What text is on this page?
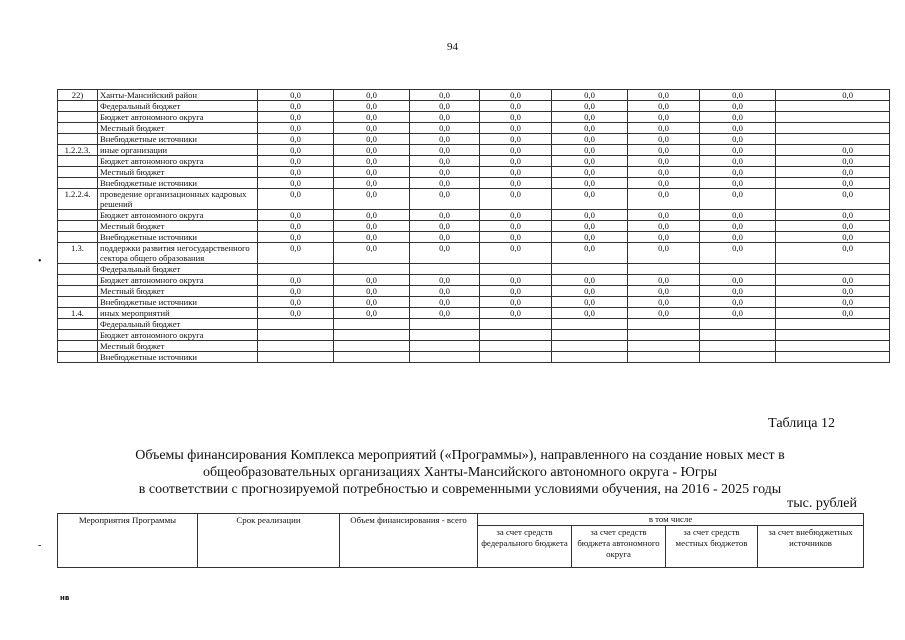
94
22)	Ханты-Мансийский район	0,0	0,0	0,0	0,0	0,0	0,0	0,0	0,0
	Федеральный бюджет	0,0	0,0	0,0	0,0	0,0	0,0	0,0	
	Бюджет автономного округа	0,0	0,0	0,0	0,0	0,0	0,0	0,0	
	Местный бюджет	0,0	0,0	0,0	0,0	0,0	0,0	0,0	
	Внебюджетные источники	0,0	0,0	0,0	0,0	0,0	0,0	0,0	
1.2.2.3.	иные организации	0,0	0,0	0,0	0,0	0,0	0,0	0,0	0,0
	Бюджет автономного округа	0,0	0,0	0,0	0,0	0,0	0,0	0,0	0,0
	Местный бюджет	0,0	0,0	0,0	0,0	0,0	0,0	0,0	0,0
	Внебюджетные источники	0,0	0,0	0,0	0,0	0,0	0,0	0,0	0,0
1.2.2.4.	проведение организационных кадровых решений	0,0	0,0	0,0	0,0	0,0	0,0	0,0	0,0
	Бюджет автономного округа	0,0	0,0	0,0	0,0	0,0	0,0	0,0	0,0
	Местный бюджет	0,0	0,0	0,0	0,0	0,0	0,0	0,0	0,0
	Внебюджетные источники	0,0	0,0	0,0	0,0	0,0	0,0	0,0	0,0
1.3.	поддержки развития негосударственного сектора общего образования	0,0	0,0	0,0	0,0	0,0	0,0	0,0	0,0
	Федеральный бюджет								
	Бюджет автономного округа	0,0	0,0	0,0	0,0	0,0	0,0	0,0	0,0
	Местный бюджет	0,0	0,0	0,0	0,0	0,0	0,0	0,0	0,0
	Внебюджетные источники	0,0	0,0	0,0	0,0	0,0	0,0	0,0	0,0
1.4.	иных мероприятий	0,0	0,0	0,0	0,0	0,0	0,0	0,0	0,0
	Федеральный бюджет								
	Бюджет автономного округа								
	Местный бюджет								
	Внебюджетные источники								
Таблица 12
Объемы финансирования Комплекса мероприятий («Программы»), направленного на создание новых мест в
общеобразовательных организациях Ханты-Мансийского автономного округа - Югры
в соответствии с прогнозируемой потребностью и современными условиями обучения, на 2016 - 2025 годы
тыс. рублей
Мероприятия Программы	Срок реализации	Объем финансирования - всего	в том числе			
			за счет средств федерального бюджета	за счет средств бюджета автономного округа	за счет средств местных бюджетов	за счет внебюджетных источников
•
-
нв
